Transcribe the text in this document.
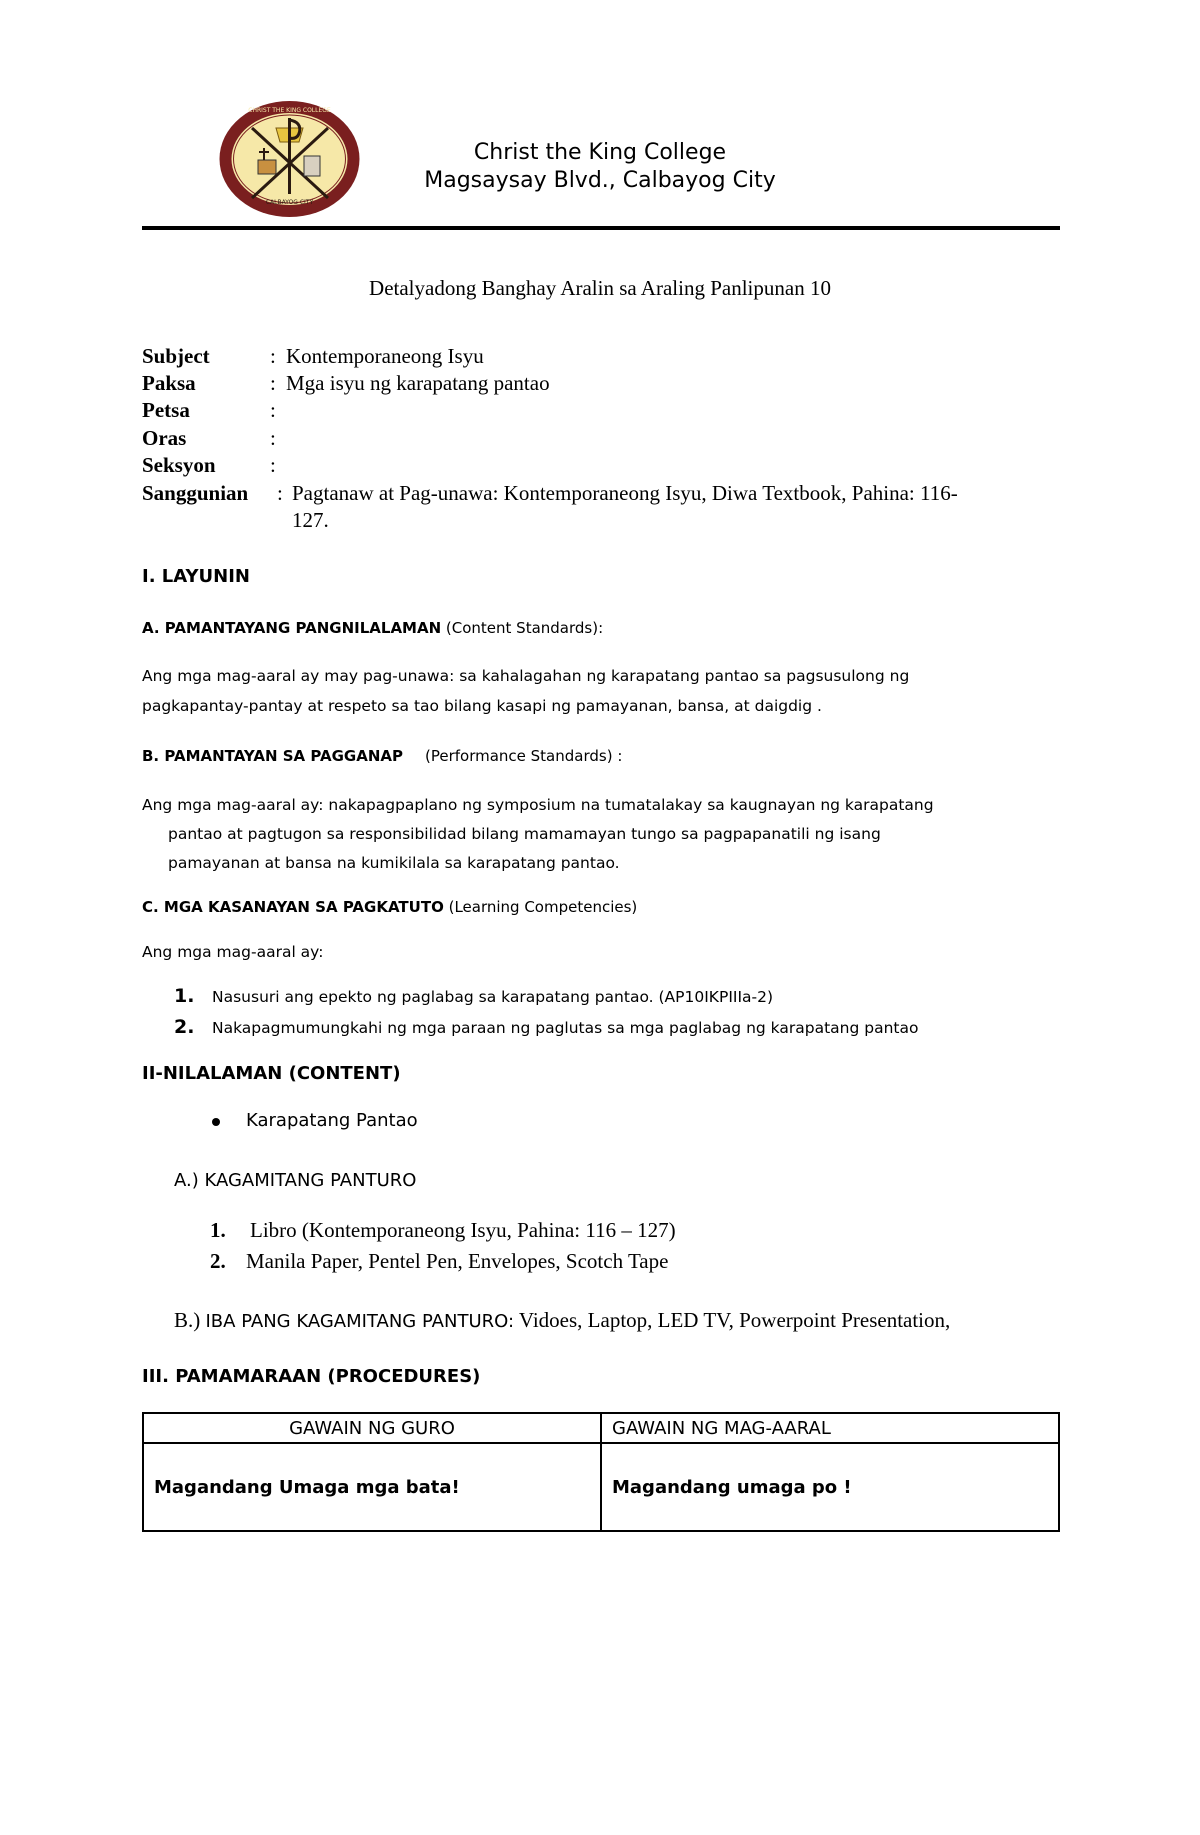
CHRIST THE KING COLLEGE
CALBAYOG CITY
Christ the King College
Magsaysay Blvd., Calbayog City
Detalyadong Banghay Aralin sa Araling Panlipunan 10
Subject	: Kontemporaneong Isyu
Paksa	: Mga isyu ng karapatang pantao
Petsa	:
Oras	:
Seksyon	:
Sanggunian : Pagtanaw at Pag-unawa: Kontemporaneong Isyu, Diwa Textbook, Pahina: 116-
127.
I. LAYUNIN
A. PAMANTAYANG PANGNILALAMAN (Content Standards):
Ang mga mag-aaral ay may pag-unawa: sa kahalagahan ng karapatang pantao sa pagsusulong ng
pagkapantay-pantay at respeto sa tao bilang kasapi ng pamayanan, bansa, at daigdig .
B. PAMANTAYAN SA PAGGANAP (Performance Standards) :
Ang mga mag-aaral ay: nakapagpaplano ng symposium na tumatalakay sa kaugnayan ng karapatang
pantao at pagtugon sa responsibilidad bilang mamamayan tungo sa pagpapanatili ng isang
pamayanan at bansa na kumikilala sa karapatang pantao.
C. MGA KASANAYAN SA PAGKATUTO (Learning Competencies)
Ang mga mag-aaral ay:
1. Nasusuri ang epekto ng paglabag sa karapatang pantao. (AP10IKPIIIa-2)
2. Nakapagmumungkahi ng mga paraan ng paglutas sa mga paglabag ng karapatang pantao
II-NILALAMAN (CONTENT)
Karapatang Pantao
A.) KAGAMITANG PANTURO
1. Libro (Kontemporaneong Isyu, Pahina: 116 – 127)
2. Manila Paper, Pentel Pen, Envelopes, Scotch Tape
B.) IBA PANG KAGAMITANG PANTURO: Vidoes, Laptop, LED TV, Powerpoint Presentation,
III. PAMAMARAAN (PROCEDURES)
GAWAIN NG GURO	GAWAIN NG MAG-AARAL
Magandang Umaga mga bata!	Magandang umaga po !
